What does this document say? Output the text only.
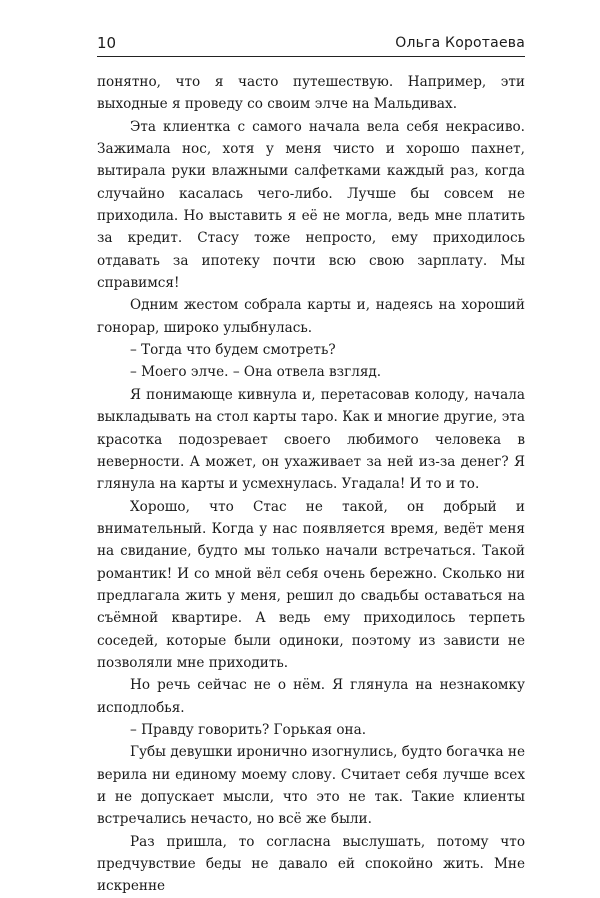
10	Ольга Коротаева

понятно, что я часто путешествую. Например, эти выходные я проведу со своим элче на Мальдивах.

Эта клиентка с самого начала вела себя некрасиво. Зажимала нос, хотя у меня чисто и хорошо пахнет, вытирала руки влажными салфетками каждый раз, когда случайно касалась чего-либо. Лучше бы совсем не приходила. Но выставить я её не могла, ведь мне платить за кредит. Стасу тоже непросто, ему приходилось отдавать за ипотеку почти всю свою зарплату. Мы справимся!

Одним жестом собрала карты и, надеясь на хороший гонорар, широко улыбнулась.

– Тогда что будем смотреть?

– Моего элче. – Она отвела взгляд.

Я понимающе кивнула и, перетасовав колоду, начала выкладывать на стол карты таро. Как и многие другие, эта красотка подозревает своего любимого человека в неверности. А может, он ухаживает за ней из-за денег? Я глянула на карты и усмехнулась. Угадала! И то и то.

Хорошо, что Стас не такой, он добрый и внимательный. Когда у нас появляется время, ведёт меня на свидание, будто мы только начали встречаться. Такой романтик! И со мной вёл себя очень бережно. Сколько ни предлагала жить у меня, решил до свадьбы оставаться на съёмной квартире. А ведь ему приходилось терпеть соседей, которые были одиноки, поэтому из зависти не позволяли мне приходить.

Но речь сейчас не о нём. Я глянула на незнакомку исподлобья.

– Правду говорить? Горькая она.

Губы девушки иронично изогнулись, будто богачка не верила ни единому моему слову. Считает себя лучше всех и не допускает мысли, что это не так. Такие клиенты встречались нечасто, но всё же были.

Раз пришла, то согласна выслушать, потому что предчувствие беды не давало ей спокойно жить. Мне искренне
